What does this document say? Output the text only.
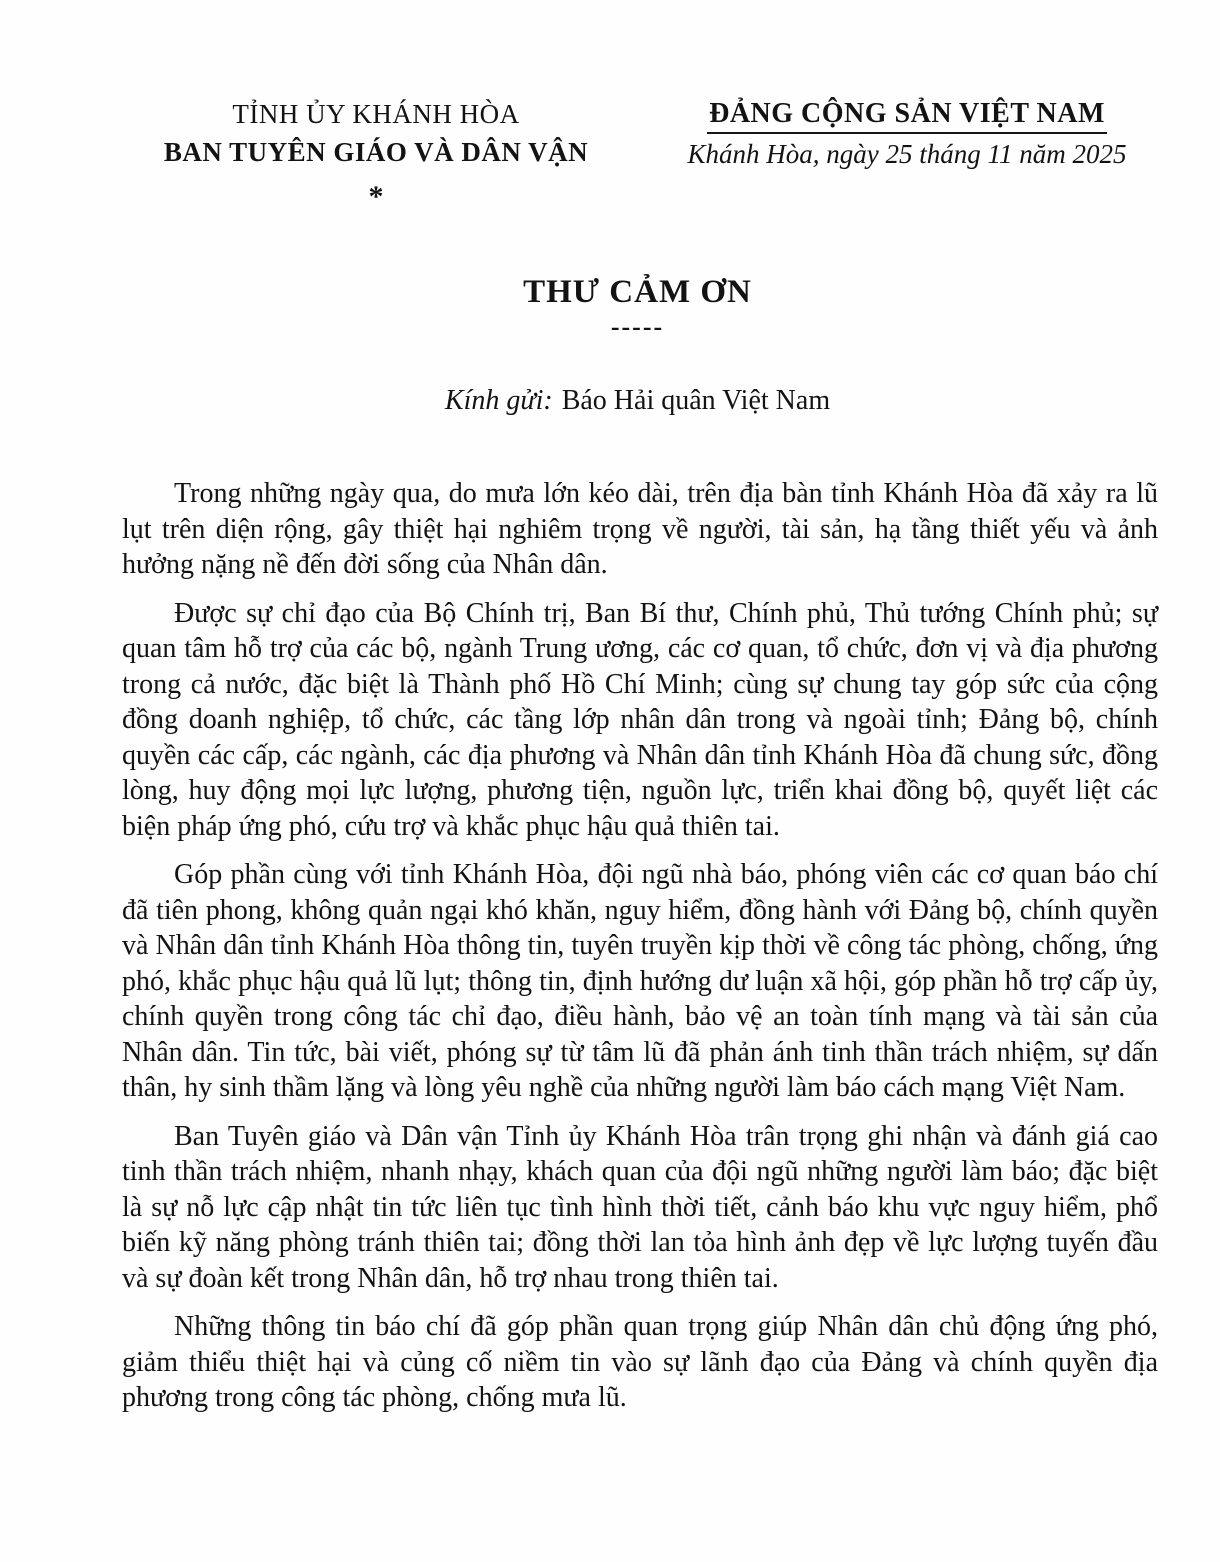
TỈNH ỦY KHÁNH HÒA
BAN TUYÊN GIÁO VÀ DÂN VẬN
*
ĐẢNG CỘNG SẢN VIỆT NAM
Khánh Hòa, ngày 25 tháng 11 năm 2025
THƯ CẢM ƠN
-----
Kính gửi: Báo Hải quân Việt Nam

Trong những ngày qua, do mưa lớn kéo dài, trên địa bàn tỉnh Khánh Hòa đã xảy ra lũ lụt trên diện rộng, gây thiệt hại nghiêm trọng về người, tài sản, hạ tầng thiết yếu và ảnh hưởng nặng nề đến đời sống của Nhân dân.

Được sự chỉ đạo của Bộ Chính trị, Ban Bí thư, Chính phủ, Thủ tướng Chính phủ; sự quan tâm hỗ trợ của các bộ, ngành Trung ương, các cơ quan, tổ chức, đơn vị và địa phương trong cả nước, đặc biệt là Thành phố Hồ Chí Minh; cùng sự chung tay góp sức của cộng đồng doanh nghiệp, tổ chức, các tầng lớp nhân dân trong và ngoài tỉnh; Đảng bộ, chính quyền các cấp, các ngành, các địa phương và Nhân dân tỉnh Khánh Hòa đã chung sức, đồng lòng, huy động mọi lực lượng, phương tiện, nguồn lực, triển khai đồng bộ, quyết liệt các biện pháp ứng phó, cứu trợ và khắc phục hậu quả thiên tai.

Góp phần cùng với tỉnh Khánh Hòa, đội ngũ nhà báo, phóng viên các cơ quan báo chí đã tiên phong, không quản ngại khó khăn, nguy hiểm, đồng hành với Đảng bộ, chính quyền và Nhân dân tỉnh Khánh Hòa thông tin, tuyên truyền kịp thời về công tác phòng, chống, ứng phó, khắc phục hậu quả lũ lụt; thông tin, định hướng dư luận xã hội, góp phần hỗ trợ cấp ủy, chính quyền trong công tác chỉ đạo, điều hành, bảo vệ an toàn tính mạng và tài sản của Nhân dân. Tin tức, bài viết, phóng sự từ tâm lũ đã phản ánh tinh thần trách nhiệm, sự dấn thân, hy sinh thầm lặng và lòng yêu nghề của những người làm báo cách mạng Việt Nam.

Ban Tuyên giáo và Dân vận Tỉnh ủy Khánh Hòa trân trọng ghi nhận và đánh giá cao tinh thần trách nhiệm, nhanh nhạy, khách quan của đội ngũ những người làm báo; đặc biệt là sự nỗ lực cập nhật tin tức liên tục tình hình thời tiết, cảnh báo khu vực nguy hiểm, phổ biến kỹ năng phòng tránh thiên tai; đồng thời lan tỏa hình ảnh đẹp về lực lượng tuyến đầu và sự đoàn kết trong Nhân dân, hỗ trợ nhau trong thiên tai.

Những thông tin báo chí đã góp phần quan trọng giúp Nhân dân chủ động ứng phó, giảm thiểu thiệt hại và củng cố niềm tin vào sự lãnh đạo của Đảng và chính quyền địa phương trong công tác phòng, chống mưa lũ.
